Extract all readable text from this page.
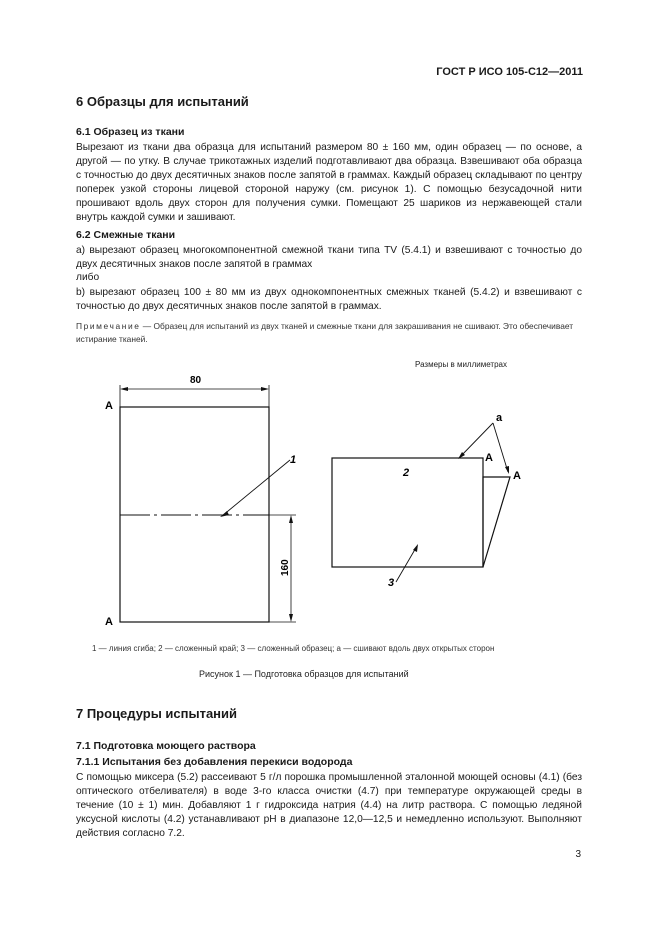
ГОСТ Р ИСО 105-C12—2011
6 Образцы для испытаний
6.1 Образец из ткани

Вырезают из ткани два образца для испытаний размером 80 ± 160 мм, один образец — по основе, а другой — по утку. В случае трикотажных изделий подготавливают два образца. Взвешивают оба образца с точностью до двух десятичных знаков после запятой в граммах. Каждый образец складывают по центру поперек узкой стороны лицевой стороной наружу (см. рисунок 1). С помощью безусадочной нити прошивают вдоль двух сторон для получения сумки. Помещают 25 шариков из нержавеющей стали внутрь каждой сумки и зашивают.

6.2 Смежные ткани

а) вырезают образец многокомпонентной смежной ткани типа TV (5.4.1) и взвешивают с точностью до двух десятичных знаков после запятой в граммах

либо

b) вырезают образец 100 ± 80 мм из двух однокомпонентных смежных тканей (5.4.2) и взвешивают с точностью до двух десятичных знаков после запятой в граммах.

Примечание — Образец для испытаний из двух тканей и смежные ткани для закрашивания не сшивают. Это обеспечивает истирание тканей.
Размеры в миллиметрах
80
160
A
A
1
2
A
A
3
a
1 — линия сгиба; 2 — сложенный край; 3 — сложенный образец; а — сшивают вдоль двух открытых сторон
Рисунок 1 — Подготовка образцов для испытаний
7 Процедуры испытаний
7.1 Подготовка моющего раствора
7.1.1 Испытания без добавления перекиси водорода

С помощью миксера (5.2) рассеивают 5 г/л порошка промышленной эталонной моющей основы (4.1) (без оптического отбеливателя) в воде 3-го класса очистки (4.7) при температуре окружающей среды в течение (10 ± 1) мин. Добавляют 1 г гидроксида натрия (4.4) на литр раствора. С помощью ледяной уксусной кислоты (4.2) устанавливают pH в диапазоне 12,0—12,5 и немедленно используют. Выполняют действия согласно 7.2.

3
